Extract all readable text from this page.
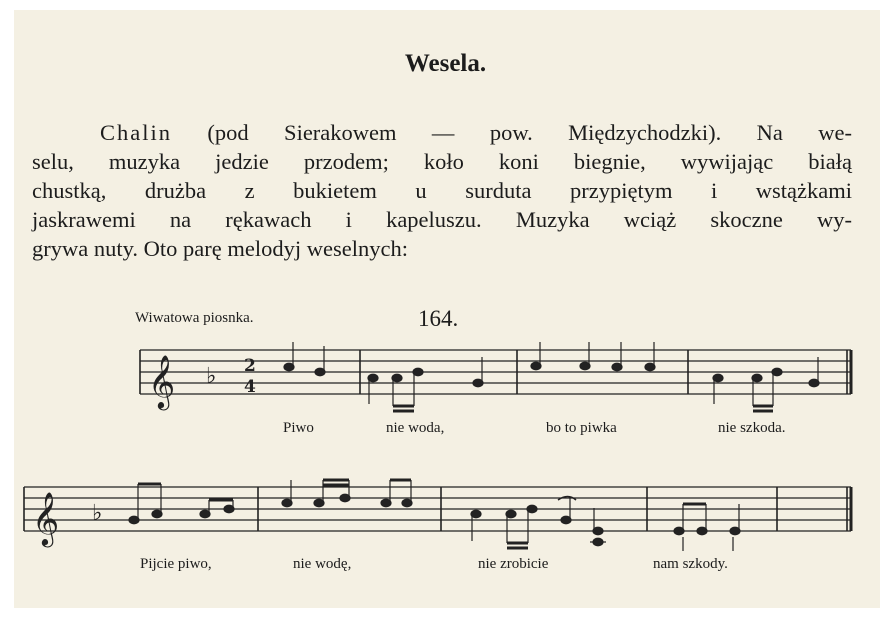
Wesela.
Chalin (pod Sierakowem — pow. Międzychodzki). Na we-
selu, muzyka jedzie przodem; koło koni biegnie, wywijając białą
chustką, drużba z bukietem u surduta przypiętym i wstążkami
jaskrawemi na rękawach i kapeluszu. Muzyka wciąż skoczne wy-
grywa nuty. Oto parę melodyj weselnych:
Wiwatowa piosnka.	164.
𝄞 ♭ 2
4
𝄞 ♭
Piwo	nie woda,	bo to piwka	nie szkoda.
Pijcie piwo,	nie wodę,	nie zrobicie	nam szkody.
